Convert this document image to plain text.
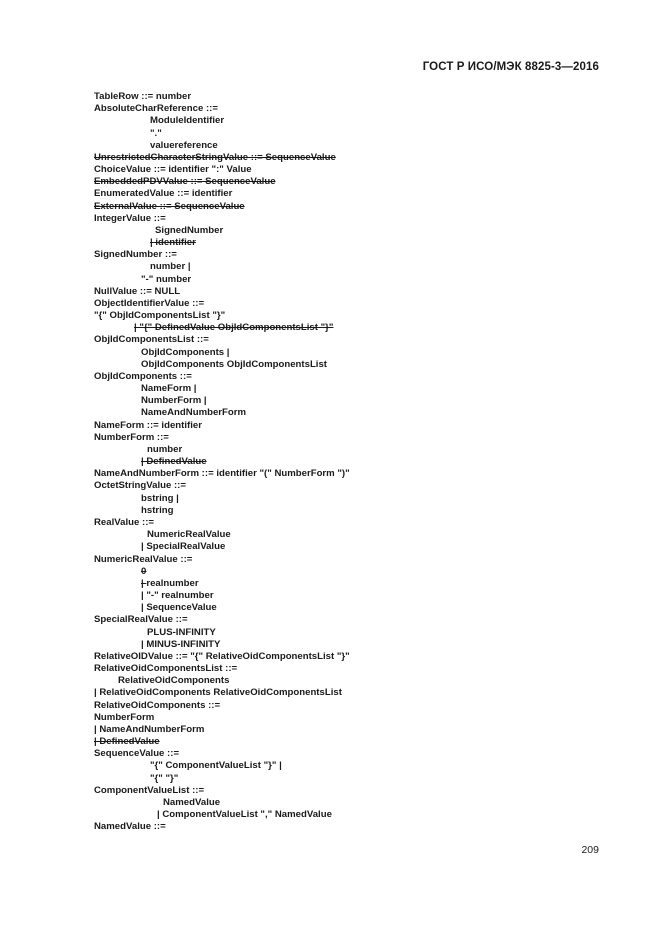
ГОСТ Р ИСО/МЭК 8825-3—2016
TableRow ::= number
AbsoluteCharReference ::=
ModuleIdentifier
"."
valuereference
UnrestrictedCharacterStringValue ::= SequenceValue
ChoiceValue ::= identifier ":" Value
EmbeddedPDVValue ::= SequenceValue
EnumeratedValue ::= identifier
ExternalValue ::= SequenceValue
IntegerValue ::=
SignedNumber
| identifier
SignedNumber ::=
number |
"-" number
NullValue ::= NULL
ObjectIdentifierValue ::=
"{" ObjIdComponentsList "}"
| "{" DefinedValue ObjIdComponentsList "}"
ObjIdComponentsList ::=
ObjIdComponents |
ObjIdComponents ObjIdComponentsList
ObjIdComponents ::=
NameForm |
NumberForm |
NameAndNumberForm
NameForm ::= identifier
NumberForm ::=
number
| DefinedValue
NameAndNumberForm ::= identifier "(" NumberForm ")"
OctetStringValue ::=
bstring |
hstring
RealValue ::=
NumericRealValue
| SpecialRealValue
NumericRealValue ::=
0
| realnumber
| "-" realnumber
| SequenceValue
SpecialRealValue ::=
PLUS-INFINITY
| MINUS-INFINITY
RelativeOIDValue ::= "{" RelativeOidComponentsList "}"
RelativeOidComponentsList ::=
RelativeOidComponents
| RelativeOidComponents RelativeOidComponentsList
RelativeOidComponents ::=
NumberForm
| NameAndNumberForm
| DefinedValue
SequenceValue ::=
"{" ComponentValueList "}" |
"{" "}"
ComponentValueList ::=
NamedValue
| ComponentValueList "," NamedValue
NamedValue ::=
209
